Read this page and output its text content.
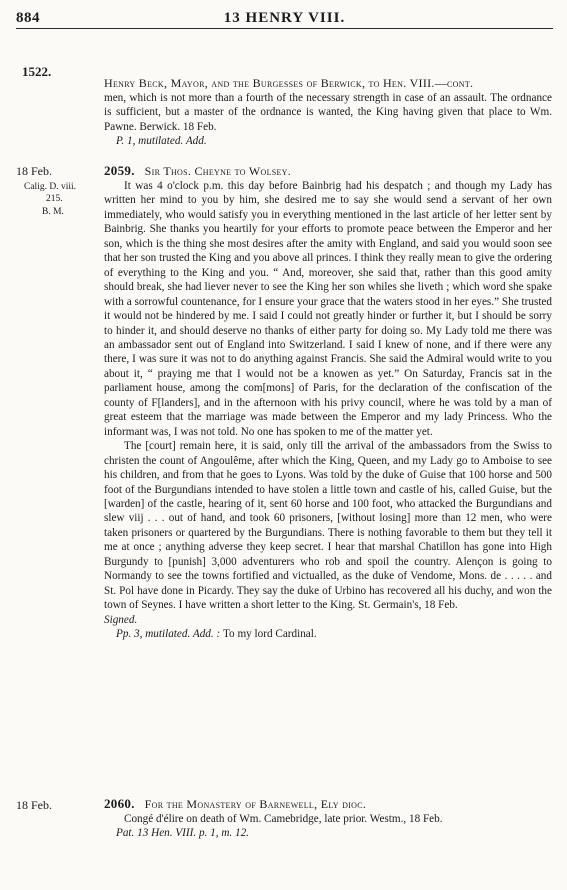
884	13 HENRY VIII.
1522.

Henry Beck, Mayor, and the Burgesses of Berwick, to Hen. VIII.—cont.

men, which is not more than a fourth of the necessary strength in case of an assault. The ordnance is sufficient, but a master of the ordnance is wanted, the King having given that place to Wm. Pawne. Berwick. 18 Feb.

P. 1, mutilated. Add.

18 Feb.
Calig. D. viii.
215.
B. M.

2059. Sir Thos. Cheyne to Wolsey.

It was 4 o'clock p.m. this day before Bainbrig had his despatch ; and though my Lady has written her mind to you by him, she desired me to say she would send a servant of her own immediately, who would satisfy you in everything mentioned in the last article of her letter sent by Bainbrig. She thanks you heartily for your efforts to promote peace between the Emperor and her son, which is the thing she most desires after the amity with England, and said you would soon see that her son trusted the King and you above all princes. I think they really mean to give the ordering of everything to the King and you. “ And, moreover, she said that, rather than this good amity should break, she had liever never to see the King her son whiles she liveth ; which word she spake with a sorrowful countenance, for I ensure your grace that the waters stood in her eyes.” She trusted it would not be hindered by me. I said I could not greatly hinder or further it, but I should be sorry to hinder it, and should deserve no thanks of either party for doing so. My Lady told me there was an ambassador sent out of England into Switzerland. I said I knew of none, and if there were any there, I was sure it was not to do anything against Francis. She said the Admiral would write to you about it, “ praying me that I would not be a knowen as yet.” On Saturday, Francis sat in the parliament house, among the com[mons] of Paris, for the declaration of the confiscation of the county of F[landers], and in the afternoon with his privy council, where he was told by a man of great esteem that the marriage was made between the Emperor and my lady Princess. Who the informant was, I was not told. No one has spoken to me of the matter yet.

The [court] remain here, it is said, only till the arrival of the ambassadors from the Swiss to christen the count of Angoulême, after which the King, Queen, and my Lady go to Amboise to see his children, and from that he goes to Lyons. Was told by the duke of Guise that 100 horse and 500 foot of the Burgundians intended to have stolen a little town and castle of his, called Guise, but the [warden] of the castle, hearing of it, sent 60 horse and 100 foot, who attacked the Burgundians and slew viij . . . out of hand, and took 60 prisoners, [without losing] more than 12 men, who were taken prisoners or quartered by the Burgundians. There is nothing favorable to them but they tell it me at once ; anything adverse they keep secret. I hear that marshal Chatillon has gone into High Burgundy to [punish] 3,000 adventurers who rob and spoil the country. Alençon is going to Normandy to see the towns fortified and victualled, as the duke of Vendome, Mons. de . . . . . and St. Pol have done in Picardy. They say the duke of Urbino has recovered all his duchy, and won the town of Seynes. I have written a short letter to the King. St. Germain's, 18 Feb.

Signed.

Pp. 3, mutilated. Add. : To my lord Cardinal.

18 Feb.	2060. For the Monastery of Barnewell, Ely dioc.

Congé d'élire on death of Wm. Camebridge, late prior. Westm., 18 Feb.

Pat. 13 Hen. VIII. p. 1, m. 12.
